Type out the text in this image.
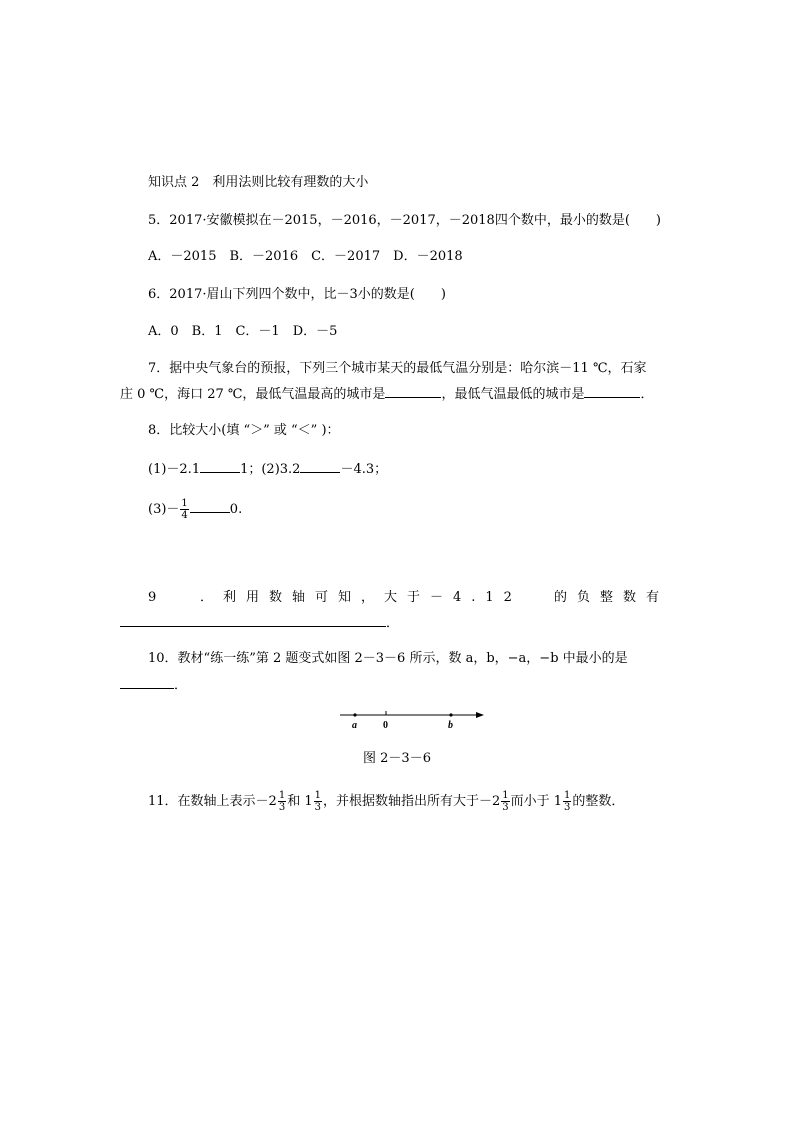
知识点 2　利用法则比较有理数的大小
5．2017·安徽模拟在－2015，－2016，－2017，－2018四个数中，最小的数是(　　)
A．－2015　B．－2016　C．－2017　D．－2018
6．2017·眉山下列四个数中，比－3小的数是(　　)
A．0　B．1　C．－1　D．－5
7．据中央气象台的预报，下列三个城市某天的最低气温分别是：哈尔滨－11 ℃，石家
庄 0 ℃，海口 27 ℃，最低气温最高的城市是	，最低气温最低的城市是	．
8．比较大小(填 “＞” 或 “＜” )：
(1)－2.1	1；(2)3.2	－4.3；
$(3)- \frac{1}{4}$	0.
9	．利用数轴可知，大于－4.12 的负整数有
．
10．教材“练一练”第 2 题变式如图 2－3－6 所示，数 a，b，−a，−b 中最小的是
．
a	0	b
图 2－3－6
11．在数轴上表示$-2 \frac{1}{3}$ 和 $1 \frac{1}{3}$ ，并根据数轴指出所有大于$-2 \frac{1}{3}$ 而小于 $1 \frac{1}{3}$ 的整数．
